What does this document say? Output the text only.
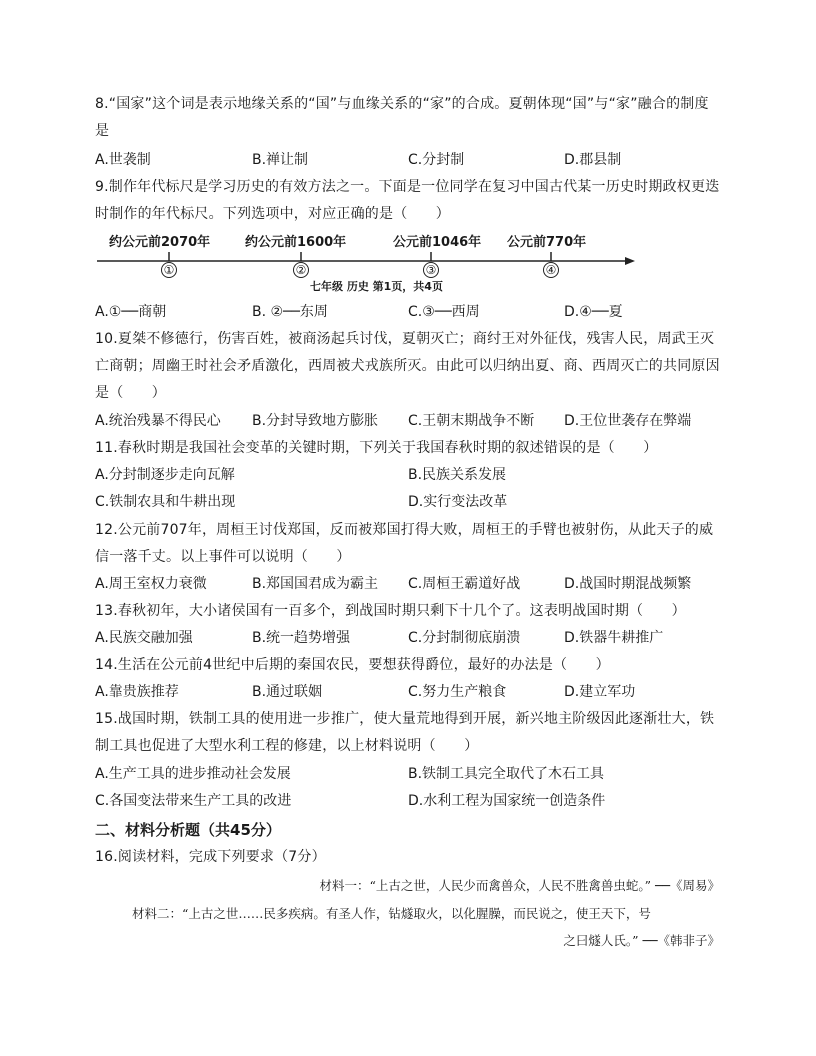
8.“国家”这个词是表示地缘关系的“国”与血缘关系的“家”的合成。夏朝体现“国”与“家”融合的制度是
A.世袭制	B.禅让制	C.分封制	D.郡县制
9.制作年代标尺是学习历史的有效方法之一。下面是一位同学在复习中国古代某一历史时期政权更迭时制作的年代标尺。下列选项中，对应正确的是（　　）
约公元前2070年	约公元前1600年	公元前1046年 公元前770年
①	②	③	④
七年级 历史 第1页，共4页
A.①──商朝	B. ②──东周	C.③──西周	D.④──夏
10.夏桀不修德行，伤害百姓，被商汤起兵讨伐，夏朝灭亡；商纣王对外征伐，残害人民，周武王灭亡商朝；周幽王时社会矛盾激化，西周被犬戎族所灭。由此可以归纳出夏、商、西周灭亡的共同原因是（　　）
A.统治残暴不得民心 B.分封导致地方膨胀 C.王朝末期战争不断 D.王位世袭存在弊端
11.春秋时期是我国社会变革的关键时期，下列关于我国春秋时期的叙述错误的是（　　）
A.分封制逐步走向瓦解	B.民族关系发展
C.铁制农具和牛耕出现	D.实行变法改革
12.公元前707年，周桓王讨伐郑国，反而被郑国打得大败，周桓王的手臂也被射伤，从此天子的威信一落千丈。以上事件可以说明（　　）
A.周王室权力衰微	B.郑国国君成为霸主 C.周桓王霸道好战	D.战国时期混战频繁
13.春秋初年，大小诸侯国有一百多个，到战国时期只剩下十几个了。这表明战国时期（　　）
A.民族交融加强	B.统一趋势增强	C.分封制彻底崩溃	D.铁器牛耕推广
14.生活在公元前4世纪中后期的秦国农民，要想获得爵位，最好的办法是（　　）
A.靠贵族推荐	B.通过联姻	C.努力生产粮食	D.建立军功
15.战国时期，铁制工具的使用进一步推广，使大量荒地得到开展，新兴地主阶级因此逐渐壮大，铁制工具也促进了大型水利工程的修建，以上材料说明（　　）
A.生产工具的进步推动社会发展	B.铁制工具完全取代了木石工具
C.各国变法带来生产工具的改进	D.水利工程为国家统一创造条件
二、材料分析题（共45分）
16.阅读材料，完成下列要求（7分）
材料一：“上古之世，人民少而禽兽众，人民不胜禽兽虫蛇。” ──《周易》
材料二：“上古之世……民多疾病。有圣人作，钻燧取火，以化腥臊，而民说之，使王天下，号
之曰燧人氏。” ──《韩非子》
